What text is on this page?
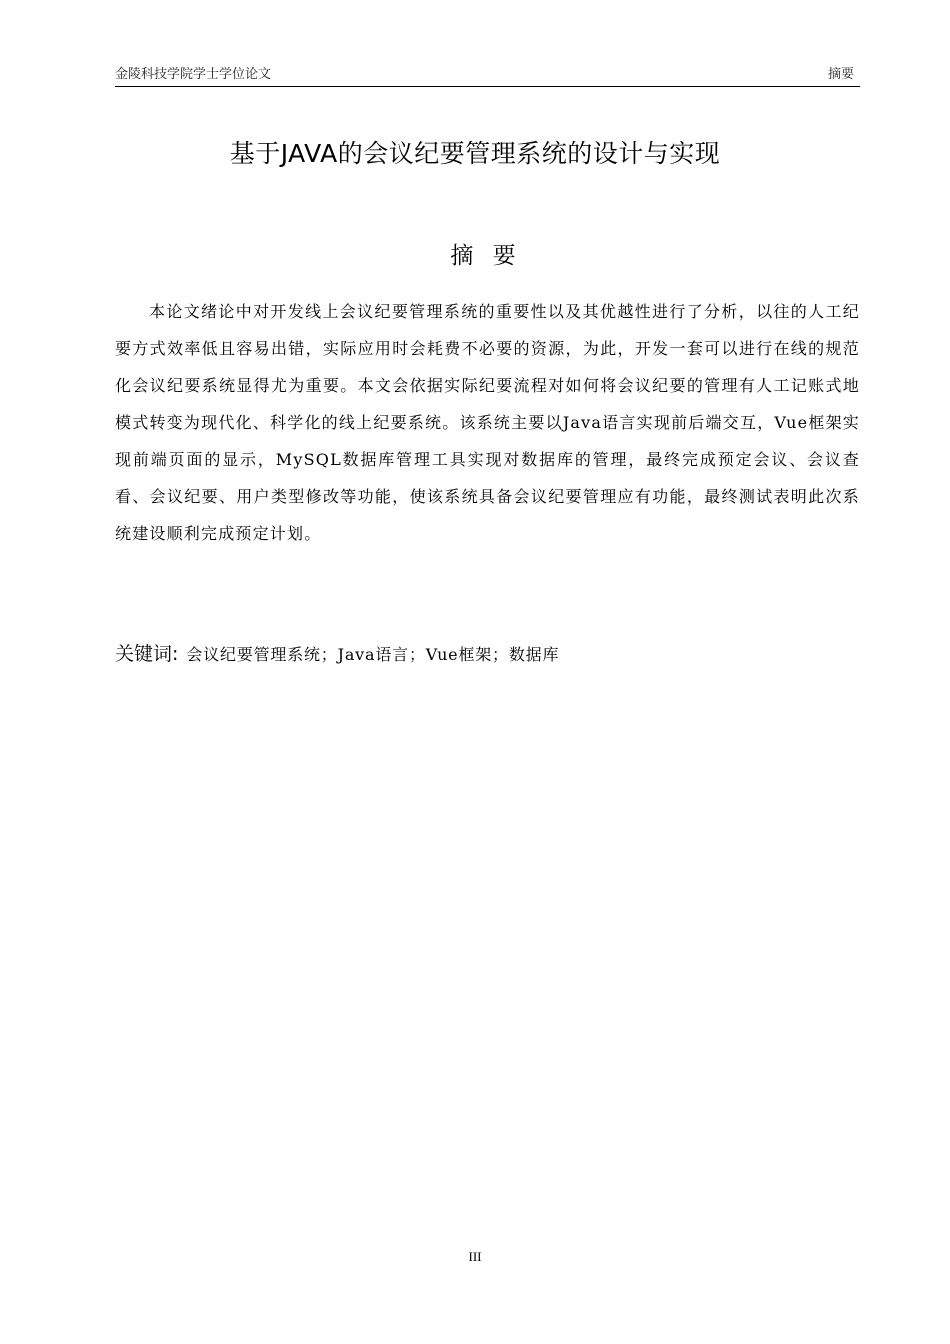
金陵科技学院学士学位论文	摘要
基于JAVA的会议纪要管理系统的设计与实现
摘 要

本论文绪论中对开发线上会议纪要管理系统的重要性以及其优越性进行了分析，以往的人工纪要方式效率低且容易出错，实际应用时会耗费不必要的资源，为此，开发一套可以进行在线的规范化会议纪要系统显得尤为重要。本文会依据实际纪要流程对如何将会议纪要的管理有人工记账式地模式转变为现代化、科学化的线上纪要系统。该系统主要以Java语言实现前后端交互，Vue框架实现前端页面的显示，MySQL数据库管理工具实现对数据库的管理，最终完成预定会议、会议查看、会议纪要、用户类型修改等功能，使该系统具备会议纪要管理应有功能，最终测试表明此次系统建设顺利完成预定计划。

关键词: 会议纪要管理系统；Java语言；Vue框架；数据库
III
